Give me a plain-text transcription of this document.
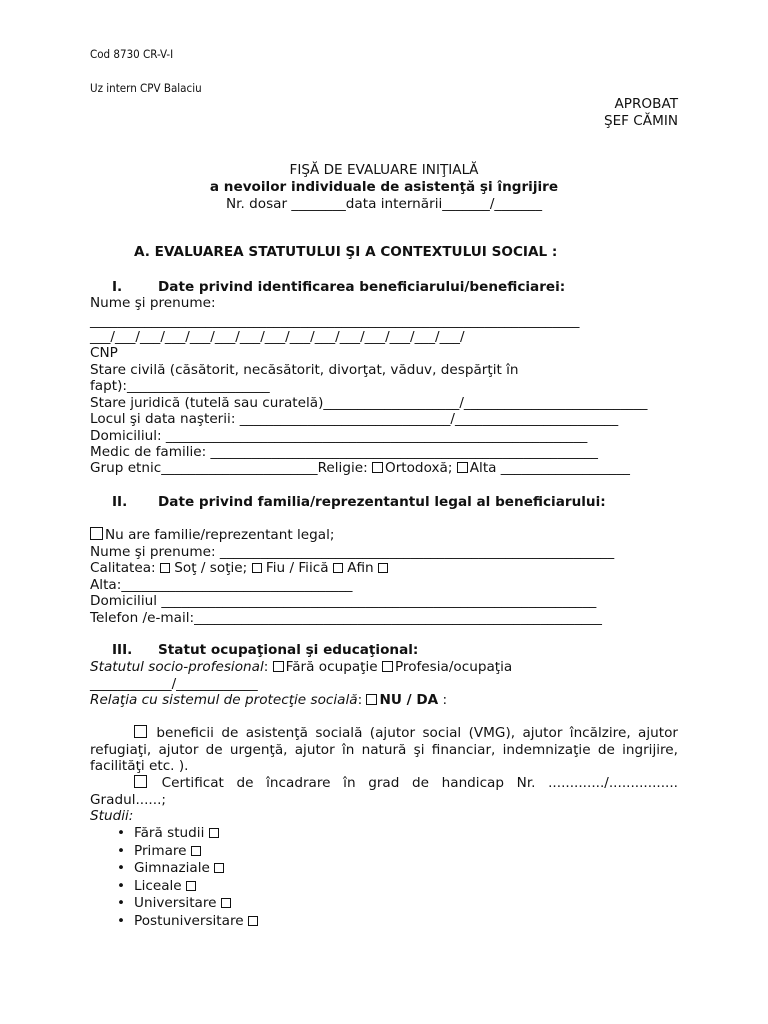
Cod 8730 CR-V-I
Uz intern CPV Balaciu
APROBAT
ŞEF CĂMIN
FIŞĂ DE EVALUARE INIŢIALĂ
a nevoilor individuale de asistenţă şi îngrijire
Nr. dosar ________data internării_______/_______
A. EVALUAREA STATUTULUI ŞI A CONTEXTULUI SOCIAL :
I.	Date privind identificarea beneficiarului/beneficiarei:
Nume şi prenume:
________________________________________________________________________
___/___/___/___/___/___/___/___/___/___/___/___/___/___/___/
CNP
Stare civilă (căsătorit, necăsătorit, divorţat, văduv, despărţit în
fapt):_____________________
Stare juridică (tutelă sau curatelă)____________________/___________________________
Locul şi data naşterii: _______________________________/________________________
Domiciliul: ______________________________________________________________
Medic de familie: _________________________________________________________
Grup etnic_______________________Religie: Ortodoxă; Alta ___________________
II. Date privind familia/reprezentantul legal al beneficiarului:
Nu are familie/reprezentant legal;
Nume şi prenume: __________________________________________________________
Calitatea:  Soţ / soţie;  Fiu / Fiică  Afin
Alta:__________________________________
Domiciliul ________________________________________________________________
Telefon /e-mail:____________________________________________________________
III. Statut ocupaţional şi educaţional:
Statutul socio-profesional: Fără ocupaţie Profesia/ocupaţia
____________/____________
Relaţia cu sistemul de protecţie socială: NU / DA :
beneficii de asistenţă socială (ajutor social (VMG), ajutor încălzire, ajutor refugiaţi, ajutor de urgenţă, ajutor în natură şi financiar, indemnizaţie de ingrijire, facilităţi etc. ).
Certificat de încadrare în grad de handicap Nr. ............./................ Gradul......;
Studii:
• Fără studii
• Primare
• Gimnaziale
• Liceale
• Universitare
• Postuniversitare
